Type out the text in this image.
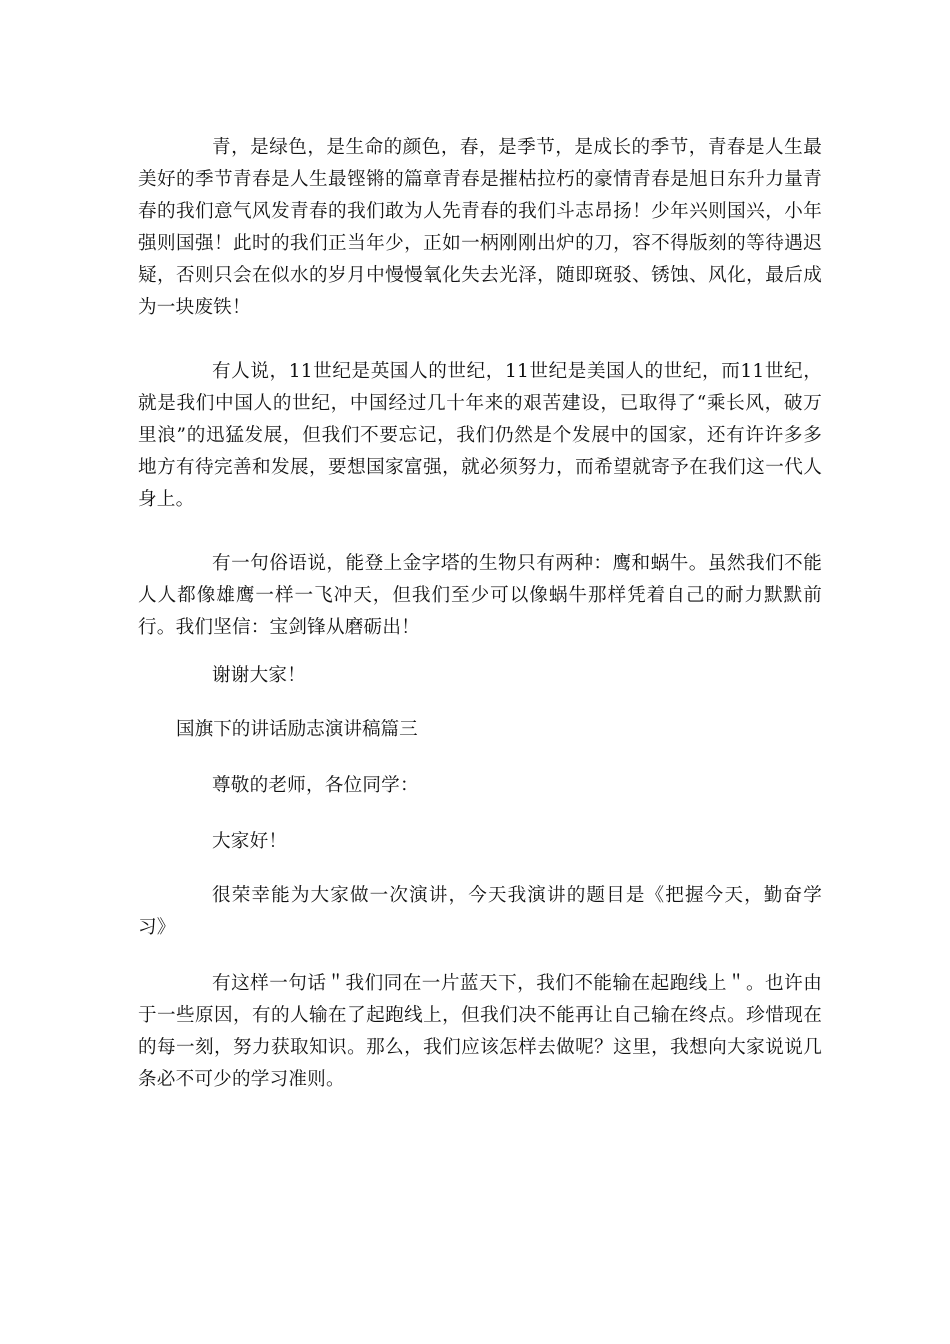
青，是绿色，是生命的颜色，春，是季节，是成长的季节，青春是人生最美好的季节青春是人生最铿锵的篇章青春是摧枯拉朽的豪情青春是旭日东升力量青春的我们意气风发青春的我们敢为人先青春的我们斗志昂扬！少年兴则国兴，小年强则国强！此时的我们正当年少，正如一柄刚刚出炉的刀，容不得版刻的等待遇迟疑，否则只会在似水的岁月中慢慢氧化失去光泽，随即斑驳、锈蚀、风化，最后成为一块废铁！

有人说，11世纪是英国人的世纪，11世纪是美国人的世纪，而11世纪，就是我们中国人的世纪，中国经过几十年来的艰苦建设，已取得了“乘长风，破万里浪”的迅猛发展，但我们不要忘记，我们仍然是个发展中的国家，还有许许多多地方有待完善和发展，要想国家富强，就必须努力，而希望就寄予在我们这一代人身上。

有一句俗语说，能登上金字塔的生物只有两种：鹰和蜗牛。虽然我们不能人人都像雄鹰一样一飞冲天，但我们至少可以像蜗牛那样凭着自己的耐力默默前行。我们坚信：宝剑锋从磨砺出！

谢谢大家！

国旗下的讲话励志演讲稿篇三

尊敬的老师，各位同学：

大家好！

很荣幸能为大家做一次演讲，今天我演讲的题目是《把握今天，勤奋学习》

有这样一句话＂我们同在一片蓝天下，我们不能输在起跑线上＂。也许由于一些原因，有的人输在了起跑线上，但我们决不能再让自己输在终点。珍惜现在的每一刻，努力获取知识。那么，我们应该怎样去做呢？这里，我想向大家说说几条必不可少的学习准则。
